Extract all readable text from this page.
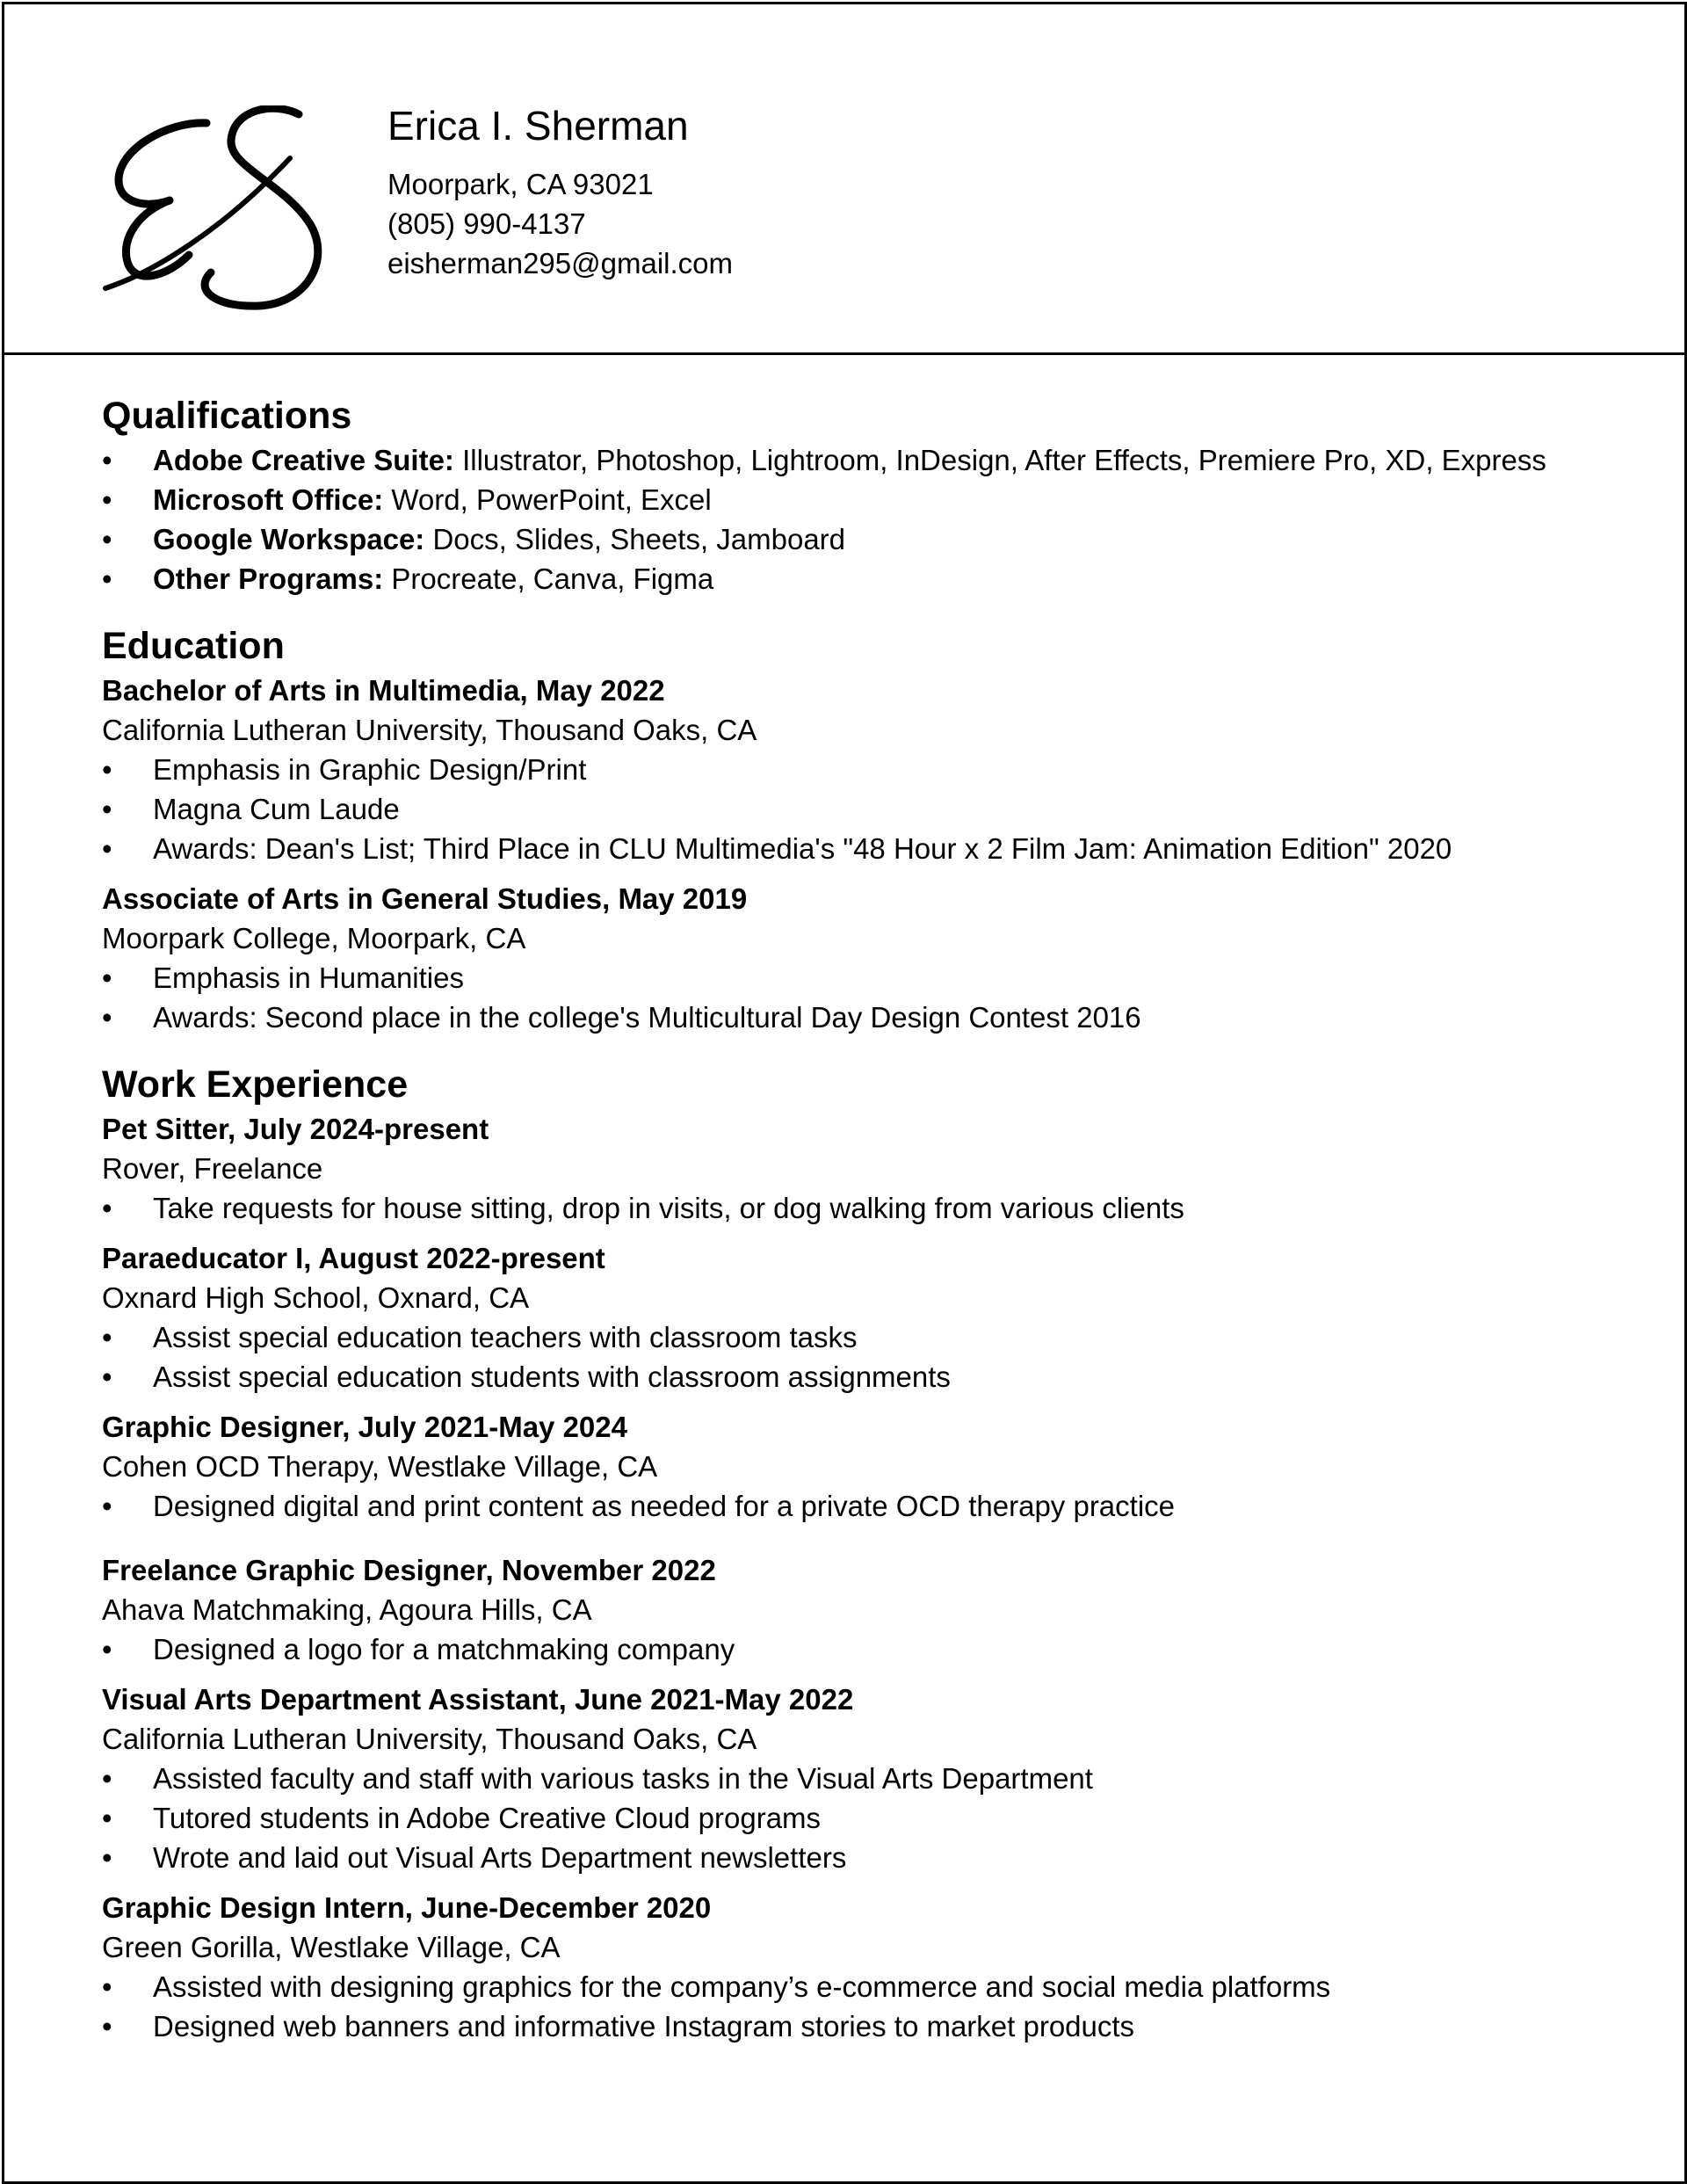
Erica I. Sherman
Moorpark, CA 93021
(805) 990-4137
eisherman295@gmail.com
Qualifications
• Adobe Creative Suite: Illustrator, Photoshop, Lightroom, InDesign, After Effects, Premiere Pro, XD, Express
• Microsoft Office: Word, PowerPoint, Excel
• Google Workspace: Docs, Slides, Sheets, Jamboard
• Other Programs: Procreate, Canva, Figma
Education
Bachelor of Arts in Multimedia, May 2022
California Lutheran University, Thousand Oaks, CA
• Emphasis in Graphic Design/Print
• Magna Cum Laude
• Awards: Dean's List; Third Place in CLU Multimedia's "48 Hour x 2 Film Jam: Animation Edition" 2020
Associate of Arts in General Studies, May 2019
Moorpark College, Moorpark, CA
• Emphasis in Humanities
• Awards: Second place in the college's Multicultural Day Design Contest 2016
Work Experience
Pet Sitter, July 2024-present
Rover, Freelance
• Take requests for house sitting, drop in visits, or dog walking from various clients
Paraeducator I, August 2022-present
Oxnard High School, Oxnard, CA
• Assist special education teachers with classroom tasks
• Assist special education students with classroom assignments
Graphic Designer, July 2021-May 2024
Cohen OCD Therapy, Westlake Village, CA
• Designed digital and print content as needed for a private OCD therapy practice
Freelance Graphic Designer, November 2022
Ahava Matchmaking, Agoura Hills, CA
• Designed a logo for a matchmaking company
Visual Arts Department Assistant, June 2021-May 2022
California Lutheran University, Thousand Oaks, CA
• Assisted faculty and staff with various tasks in the Visual Arts Department
• Tutored students in Adobe Creative Cloud programs
• Wrote and laid out Visual Arts Department newsletters
Graphic Design Intern, June-December 2020
Green Gorilla, Westlake Village, CA
• Assisted with designing graphics for the company’s e-commerce and social media platforms
• Designed web banners and informative Instagram stories to market products
